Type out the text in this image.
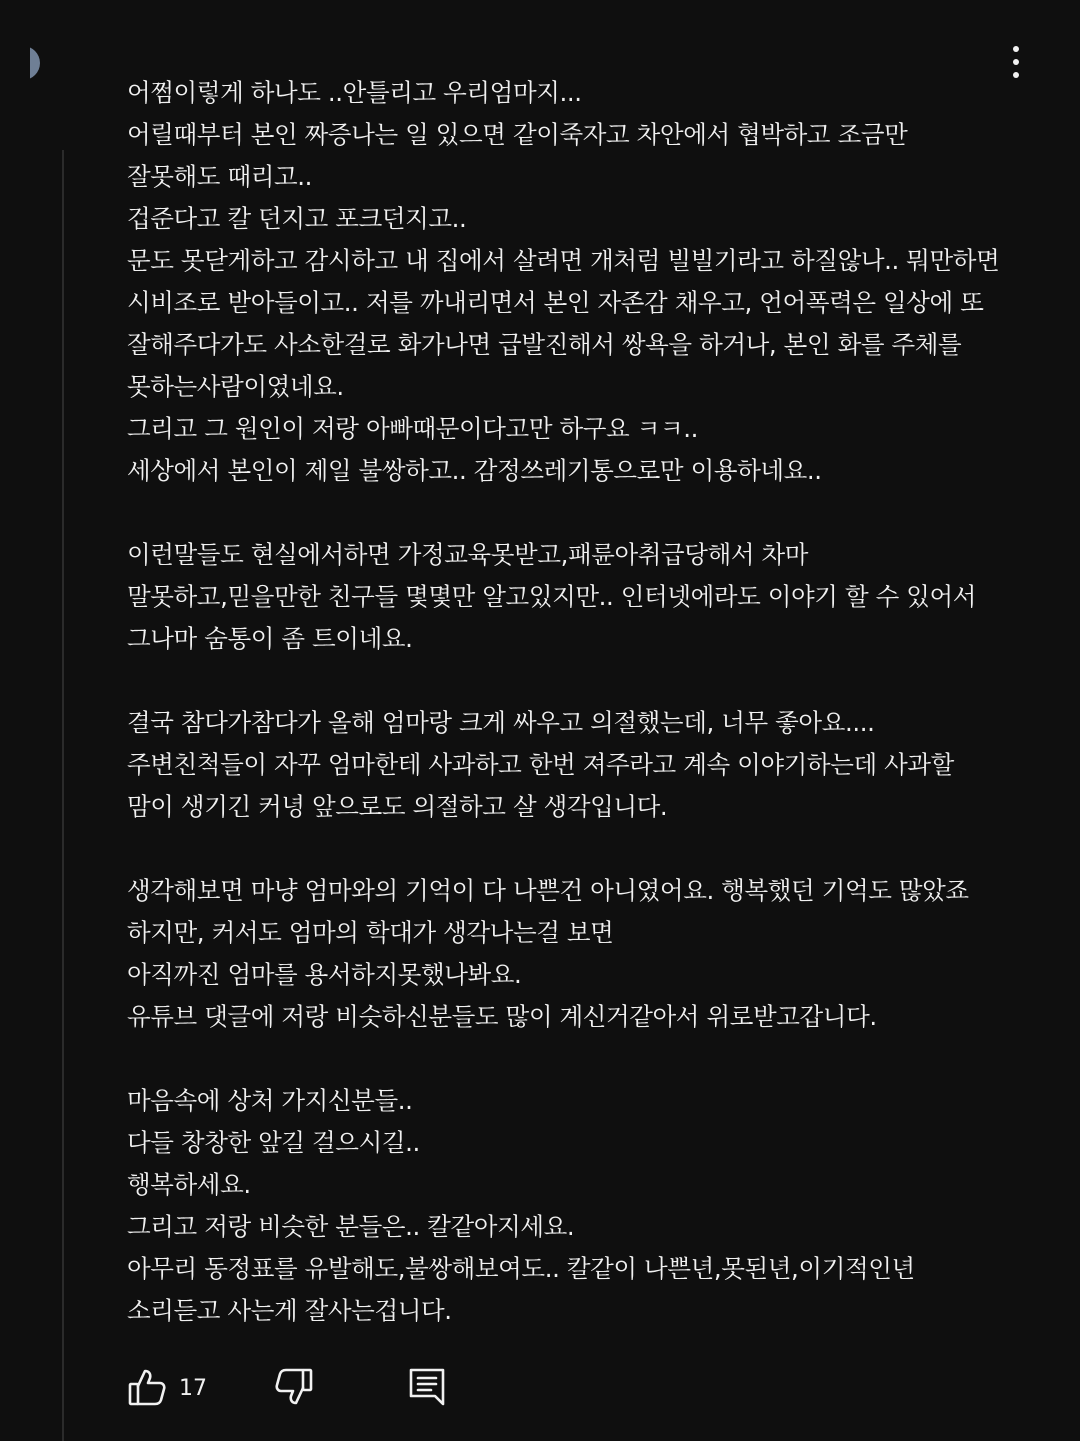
어쩜이렇게 하나도 ..안틀리고 우리엄마지...
어릴때부터 본인 짜증나는 일 있으면 같이죽자고 차안에서 협박하고 조금만
잘못해도 때리고..
겁준다고 칼 던지고 포크던지고..
문도 못닫게하고 감시하고 내 집에서 살려면 개처럼 빌빌기라고 하질않나.. 뭐만하면
시비조로 받아들이고.. 저를 까내리면서 본인 자존감 채우고, 언어폭력은 일상에 또
잘해주다가도 사소한걸로 화가나면 급발진해서 쌍욕을 하거나, 본인 화를 주체를
못하는사람이였네요.
그리고 그 원인이 저랑 아빠때문이다고만 하구요 ㅋㅋ..
세상에서 본인이 제일 불쌍하고.. 감정쓰레기통으로만 이용하네요..
이런말들도 현실에서하면 가정교육못받고,패륜아취급당해서 차마
말못하고,믿을만한 친구들 몇몇만 알고있지만.. 인터넷에라도 이야기 할 수 있어서
그나마 숨통이 좀 트이네요.
결국 참다가참다가 올해 엄마랑 크게 싸우고 의절했는데, 너무 좋아요....
주변친척들이 자꾸 엄마한테 사과하고 한번 져주라고 계속 이야기하는데 사과할
맘이 생기긴 커녕 앞으로도 의절하고 살 생각입니다.
생각해보면 마냥 엄마와의 기억이 다 나쁜건 아니였어요. 행복했던 기억도 많았죠
하지만, 커서도 엄마의 학대가 생각나는걸 보면
아직까진 엄마를 용서하지못했나봐요.
유튜브 댓글에 저랑 비슷하신분들도 많이 계신거같아서 위로받고갑니다.
마음속에 상처 가지신분들..
다들 창창한 앞길 걸으시길..
행복하세요.
그리고 저랑 비슷한 분들은.. 칼같아지세요.
아무리 동정표를 유발해도,불쌍해보여도.. 칼같이 나쁜년,못된년,이기적인년
소리듣고 사는게 잘사는겁니다.
17
